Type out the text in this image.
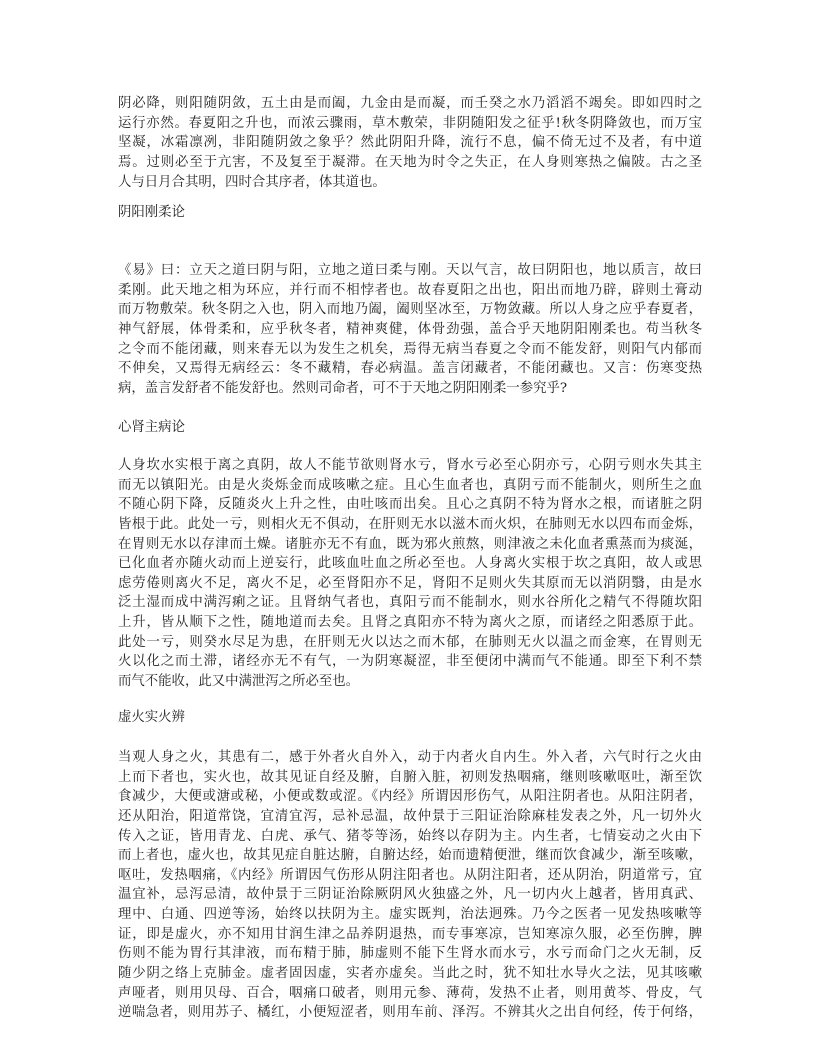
阴必降，则阳随阴敛，五土由是而阖，九金由是而凝，而壬癸之水乃滔滔不竭矣。即如四时之
运行亦然。春夏阳之升也，而浓云骤雨，草木敷荣，非阴随阳发之征乎!秋冬阴降敛也，而万宝
坚凝，冰霜凛冽，非阳随阴敛之象乎？然此阴阳升降，流行不息，偏不倚无过不及者，有中道
焉。过则必至于亢害，不及复至于凝滞。在天地为时令之失正，在人身则寒热之偏陂。古之圣
人与日月合其明，四时合其序者，体其道也。
阴阳刚柔论
《易》曰：立天之道曰阴与阳，立地之道曰柔与刚。天以气言，故曰阴阳也，地以质言，故曰
柔刚。此天地之相为环应，并行而不相悖者也。故春夏阳之出也，阳出而地乃辟，辟则土膏动
而万物敷荣。秋冬阴之入也，阴入而地乃阖，阖则坚冰至，万物敛藏。所以人身之应乎春夏者，
神气舒展，体骨柔和，应乎秋冬者，精神爽健，体骨劲强，盖合乎天地阴阳刚柔也。苟当秋冬
之令而不能闭藏，则来春无以为发生之机矣，焉得无病当春夏之令而不能发舒，则阳气内郁而
不伸矣，又焉得无病经云：冬不藏精，春必病温。盖言闭藏者，不能闭藏也。又言：伤寒变热
病，盖言发舒者不能发舒也。然则司命者，可不于天地之阴阳刚柔一参究乎?
心肾主病论
人身坎水实根于离之真阴，故人不能节欲则肾水亏，肾水亏必至心阴亦亏，心阴亏则水失其主
而无以镇阳光。由是火炎烁金而成咳嗽之症。且心生血者也，真阴亏而不能制火，则所生之血
不随心阴下降，反随炎火上升之性，由吐咳而出矣。且心之真阴不特为肾水之根，而诸脏之阴
皆根于此。此处一亏，则相火无不俱动，在肝则无水以滋木而火炽，在肺则无水以四布而金烁，
在胃则无水以存津而土燥。诸脏亦无不有血，既为邪火煎熬，则津液之未化血者熏蒸而为痰涎，
已化血者亦随火动而上逆妄行，此咳血吐血之所必至也。人身离火实根于坎之真阳，故人或思
虑劳倦则离火不足，离火不足，必至肾阳亦不足，肾阳不足则火失其原而无以消阴翳，由是水
泛土湿而成中满泻痢之证。且肾纳气者也，真阳亏而不能制水，则水谷所化之精气不得随坎阳
上升，皆从顺下之性，随地道而去矣。且肾之真阳亦不特为离火之原，而诸经之阳悉原于此。
此处一亏，则癸水尽足为患，在肝则无火以达之而木郁，在肺则无火以温之而金寒，在胃则无
火以化之而土滞，诸经亦无不有气，一为阴寒凝涩，非至便闭中满而气不能通。即至下利不禁
而气不能收，此又中满泄泻之所必至也。
虚火实火辨
当观人身之火，其患有二，感于外者火自外入，动于内者火自内生。外入者，六气时行之火由
上而下者也，实火也，故其见证自经及腑，自腑入脏，初则发热咽痛，继则咳嗽呕吐，渐至饮
食减少，大便或溏或秘，小便或数或涩。《内经》所谓因形伤气，从阳注阴者也。从阳注阴者，
还从阳治，阳道常饶，宜清宜泻，忌补忌温，故仲景于三阳证治除麻桂发表之外，凡一切外火
传入之证，皆用青龙、白虎、承气、猪苓等汤，始终以存阴为主。内生者，七情妄动之火由下
而上者也，虚火也，故其见症自脏达腑，自腑达经，始而遗精便泄，继而饮食减少，渐至咳嗽，
呕吐，发热咽痛，《内经》所谓因气伤形从阴注阳者也。从阴注阳者，还从阴治，阴道常亏，宜
温宜补，忌泻忌清，故仲景于三阴证治除厥阴风火独盛之外，凡一切内火上越者，皆用真武、
理中、白通、四逆等汤，始终以扶阴为主。虚实既判，治法迥殊。乃今之医者一见发热咳嗽等
证，即是虚火，亦不知用甘润生津之品养阴退热，而专事寒凉，岂知寒凉久服，必至伤脾，脾
伤则不能为胃行其津液，而布精于肺，肺虚则不能下生肾水而水亏，水亏而命门之火无制，反
随少阴之络上克肺金。虚者固因虚，实者亦虚矣。当此之时，犹不知壮水导火之法，见其咳嗽
声哑者，则用贝母、百合，咽痛口破者，则用元参、薄荷，发热不止者，则用黄芩、骨皮，气
逆喘急者，则用苏子、橘红，小便短涩者，则用车前、泽泻。不辨其火之出自何经，传于何络，
